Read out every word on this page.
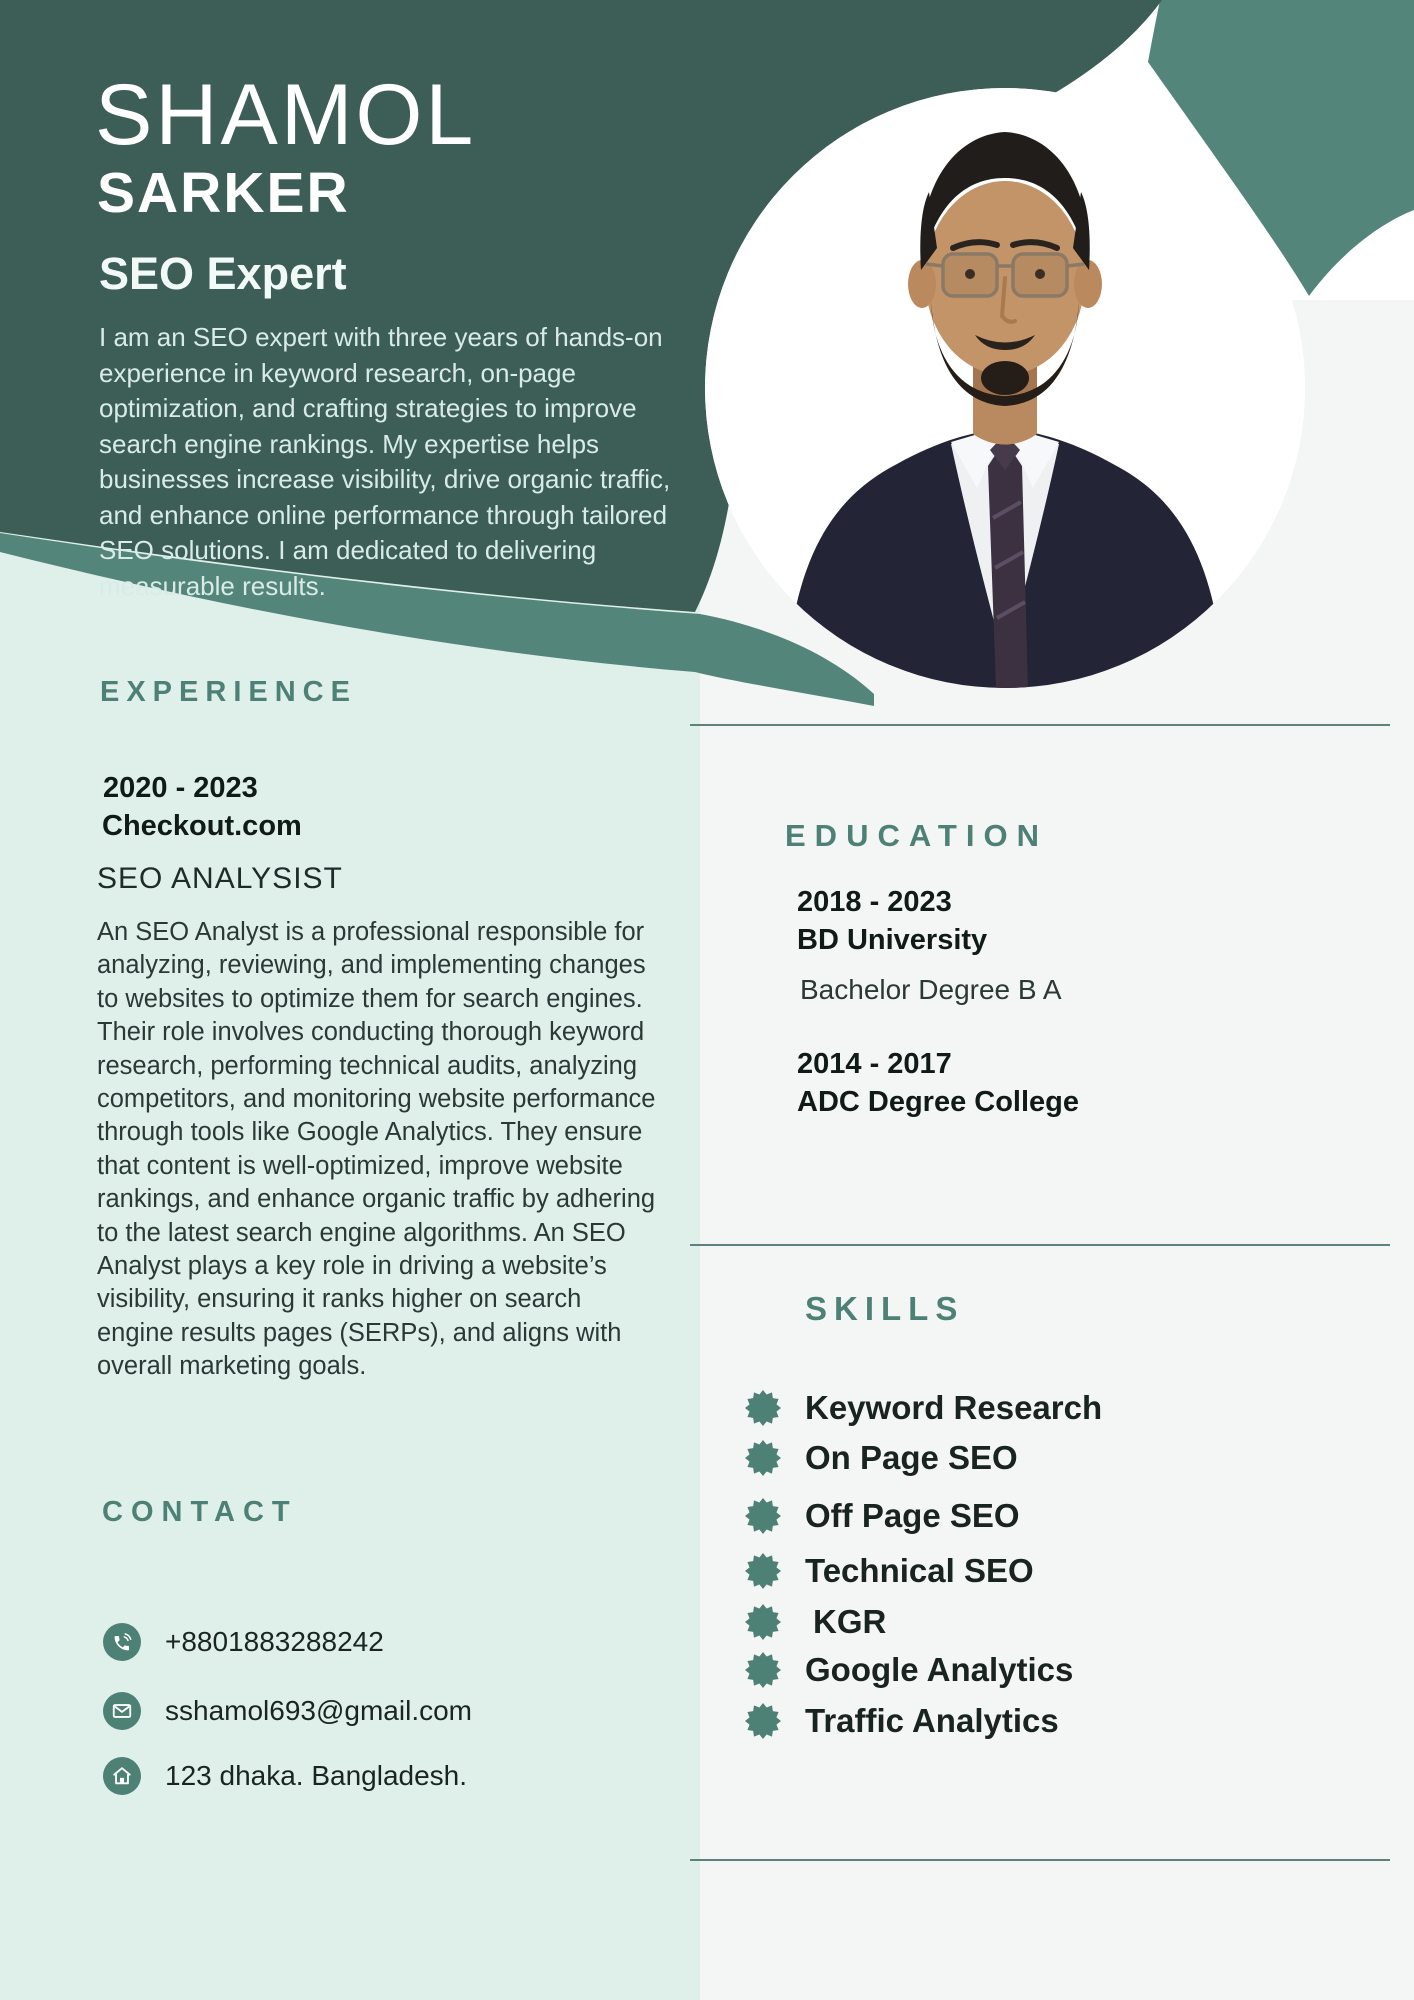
SHAMOL
SARKER
SEO Expert
I am an SEO expert with three years of hands-on experience in keyword research, on-page optimization, and crafting strategies to improve search engine rankings. My expertise helps businesses increase visibility, drive organic traffic, and enhance online performance through tailored SEO solutions. I am dedicated to delivering measurable results.
EXPERIENCE
2020 - 2023
Checkout.com
SEO ANALYSIST
An SEO Analyst is a professional responsible for analyzing, reviewing, and implementing changes to websites to optimize them for search engines. Their role involves conducting thorough keyword research, performing technical audits, analyzing competitors, and monitoring website performance through tools like Google Analytics. They ensure that content is well-optimized, improve website rankings, and enhance organic traffic by adhering to the latest search engine algorithms. An SEO Analyst plays a key role in driving a website’s visibility, ensuring it ranks higher on search engine results pages (SERPs), and aligns with overall marketing goals.
CONTACT
+8801883288242
sshamol693@gmail.com
123 dhaka. Bangladesh.
EDUCATION
2018 - 2023
BD University
Bachelor Degree B A
2014 - 2017
ADC Degree College
SKILLS
Keyword Research
On Page SEO
Off Page SEO
Technical SEO
KGR
Google Analytics
Traffic Analytics
